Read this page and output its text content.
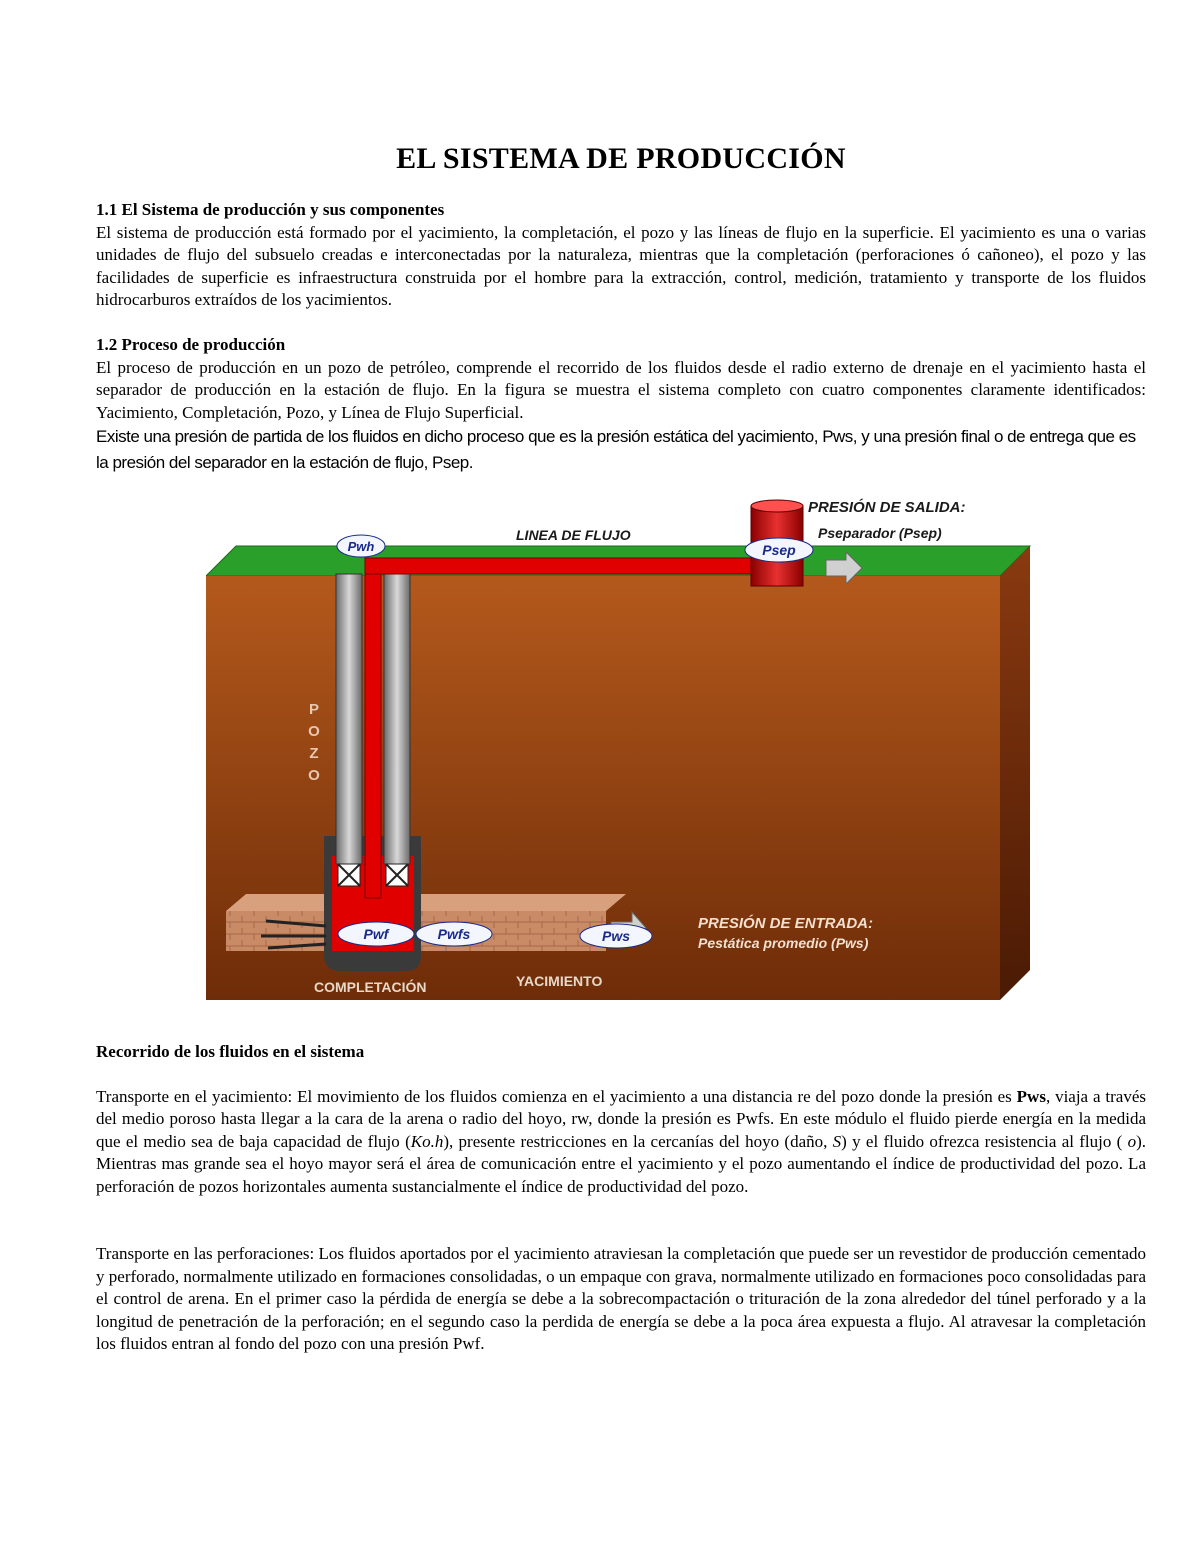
EL SISTEMA DE PRODUCCIÓN
1.1 El Sistema de producción y sus componentes
El sistema de producción está formado por el yacimiento, la completación, el pozo y las líneas de flujo en la superficie. El yacimiento es una o varias unidades de flujo del subsuelo creadas e interconectadas por la naturaleza, mientras que la completación (perforaciones ó cañoneo), el pozo y las facilidades de superficie es infraestructura construida por el hombre para la extracción, control, medición, tratamiento y transporte de los fluidos hidrocarburos extraídos de los yacimientos.
1.2 Proceso de producción
El proceso de producción en un pozo de petróleo, comprende el recorrido de los fluidos desde el radio externo de drenaje en el yacimiento hasta el separador de producción en la estación de flujo. En la figura se muestra el sistema completo con cuatro componentes claramente identificados: Yacimiento, Completación, Pozo, y Línea de Flujo Superficial.
Existe una presión de partida de los fluidos en dicho proceso que es la presión estática del yacimiento, Pws, y una presión final o de entrega que es la presión del separador en la estación de flujo, Psep.
Recorrido de los fluidos en el sistema
Transporte en el yacimiento: El movimiento de los fluidos comienza en el yacimiento a una distancia re del pozo donde la presión es Pws, viaja a través del medio poroso hasta llegar a la cara de la arena o radio del hoyo, rw, donde la presión es Pwfs. En este módulo el fluido pierde energía en la medida que el medio sea de baja capacidad de flujo (Ko.h), presente restricciones en la cercanías del hoyo (daño, S) y el fluido ofrezca resistencia al flujo ( o). Mientras mas grande sea el hoyo mayor será el área de comunicación entre el yacimiento y el pozo aumentando el índice de productividad del pozo. La perforación de pozos horizontales aumenta sustancialmente el índice de productividad del pozo.
Transporte en las perforaciones: Los fluidos aportados por el yacimiento atraviesan la completación que puede ser un revestidor de producción cementado y perforado, normalmente utilizado en formaciones consolidadas, o un empaque con grava, normalmente utilizado en formaciones poco consolidadas para el control de arena. En el primer caso la pérdida de energía se debe a la sobrecompactación o trituración de la zona alrededor del túnel perforado y a la longitud de penetración de la perforación; en el segundo caso la perdida de energía se debe a la poca área expuesta a flujo. Al atravesar la completación los fluidos entran al fondo del pozo con una presión Pwf.
LINEA DE FLUJO
PRESIÓN DE SALIDA:
Pseparador (Psep)
Pwh	Psep
P
O
Z
O
Pwf	Pwfs	Pws
PRESIÓN DE ENTRADA:
Pestática promedio (Pws)
COMPLETACIÓN	YACIMIENTO
